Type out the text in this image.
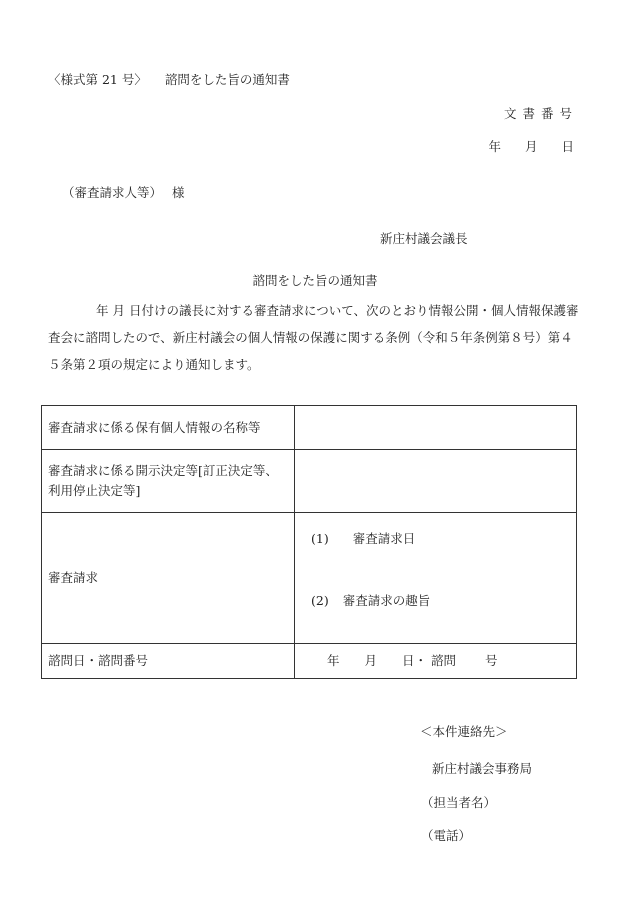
〈様式第 21 号〉 諮問をした旨の通知書
文書番号
年 月 日
（審査請求人等） 様
新庄村議会議長
諮問をした旨の通知書
年 月 日付けの議長に対する審査請求について、次のとおり情報公開・個人情報保護審査会に諮問したので、新庄村議会の個人情報の保護に関する条例（令和５年条例第８号）第４５条第２項の規定により通知します。
審査請求に係る保有個人情報の名称等	
審査請求に係る開示決定等[訂正決定等、利用停止決定等]	
審査請求	(1) 審査請求日
(2) 審査請求の趣旨

諮問日・諮問番号	年　　月　　日・ 諮問　　 号
＜本件連絡先＞
新庄村議会事務局
（担当者名）
（電話）
